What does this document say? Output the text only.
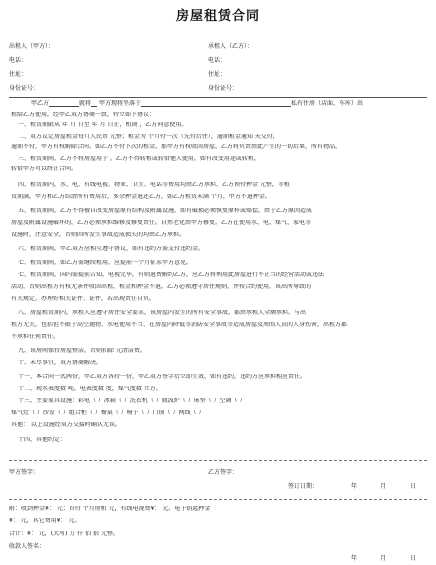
房屋租赁合同
出租人（甲方）：	承租人（乙方）：
电话：	电话：
住址：	住址：
身份证号：	身份证号：
甲乙方	就将 甲方现将坐落于	私有住房（店面、车库）出
租给乙方使用，经甲乙双方协商一致，特立如下协议：
一、租赁期限从 年 月 日至 年 月 日止，租期 ，乙方同意使用。
二、双方议定房屋租金每月人民币 元整；租金为 个月付一次（先付后住），逾期租金通知 天交付，
逾期不付，甲方有权解除合同。如乙方不付下次的租金，那甲方有权收回房屋，乙方将负责由此产生的一切后果，所有物品。
三、租赁期间，乙方不将房屋用于 。乙方不得转租或转借他人使用，如有改变用途或转租，
转借甲方可以终止合同。
四、租赁期内，水、电、有线电视、物业、卫生、电话等费用均由乙方承担，乙方预付押金 元整，等租
赁期满，甲方和乙方结清所有费用后，多余押金退还乙方，如乙方租赁未满 个月，甲方不退押金。
五、租赁期间，乙方不得擅自改变房屋原有结构及附属设施，如有破损必须恢复原样或赔偿，由于乙方原因造成
房屋及附属设施破坏的，乙方必须承担维修及修复责任。自然老化由甲方修复。乙方在使用水、电、煤气、家电等
设施时，注意安全，否则因所发生事故造成损失的均由乙方承担。
六、租赁期间，甲乙双方应相互遵守协议，如有违约方需支付违约金。
七、租赁期间，如乙方需继续租用，应提前一个月征求甲方意见。
七、租赁期间，国内需提前告知，电视完毕，有则退费解约乙方，应乙方将利用此房屋进行不正当的经营活动或违法
活动，否则出租方有权无条件收回出租，租金和押金不退。乙方必须遵守居住规则，并按合约使用，该出所导致的
有关规定，办理好相关证件、证件，若出现责任自负。
八、房屋租赁期内，承租人应遵守居住安全要求，该房屋内发生的所有安全事故，都由承租人全额承担。与出
租方无关，包括但不限于高空抛物、水电使用不当、在房屋内降低等消防安全事故等造成房屋及周围人员的人身伤害，出租方都
不承担任何责任。
九、该房间保持房屋整洁，否则扣除 元清洁费。
十、未尽事宜，双方协商解决。
十一、本合同一式两份，甲乙双方各持一份，甲乙双方签字后立即生效，如有违约，违约方应承担相应责任。
十二、现水表度数 吨，电表度数 度，煤气度数 立方。
十三、主要家具设施：彩电（ ）冰箱（ ）洗衣机（ ）微波炉（ ）床垫（ ）空调（ ）
煤气灶（ ）沙发（ ）组合柜（ ）餐桌（ ）椅子（ ）门锁（ ）网线（ ）
其他： 以上设施经双方交接时确认无误。
十四、其他约定：
甲方签字：	乙方签字：
签订日期：	年	月	日
附：收到押金¥： 元；首付 个月房租 元，有线电视费¥： 元。电子钥匙押金
¥： 元，其它费用¥： 元。
合计：¥： 元，(大写) 万 仟 佰 拾 元整。
收款人签名：
年	月	日
